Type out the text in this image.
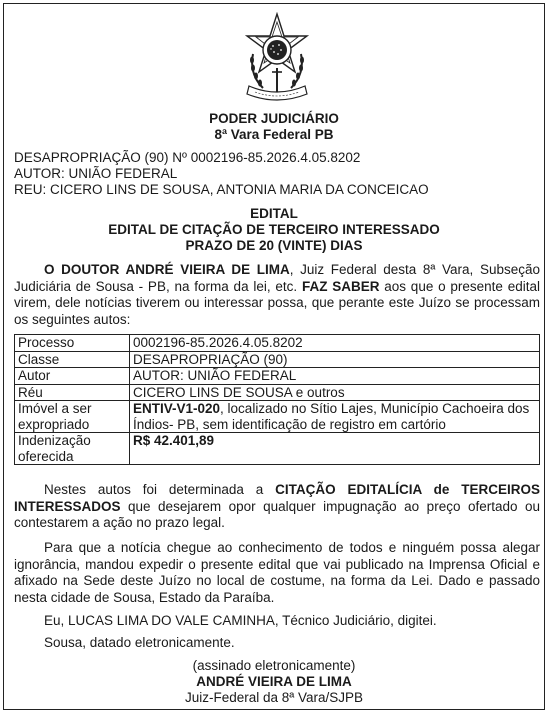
PODER JUDICIÁRIO
8ª Vara Federal PB
DESAPROPRIAÇÃO (90) Nº 0002196-85.2026.4.05.8202
AUTOR: UNIÃO FEDERAL
REU: CICERO LINS DE SOUSA, ANTONIA MARIA DA CONCEICAO
EDITAL
EDITAL DE CITAÇÃO DE TERCEIRO INTERESSADO
PRAZO DE 20 (VINTE) DIAS

O DOUTOR ANDRÉ VIEIRA DE LIMA, Juiz Federal desta 8ª Vara, Subseção Judiciária de Sousa - PB, na forma da lei, etc. FAZ SABER aos que o presente edital virem, dele notícias tiverem ou interessar possa, que perante este Juízo se processam os seguintes autos:

Processo	0002196-85.2026.4.05.8202
Classe	DESAPROPRIAÇÃO (90)
Autor	AUTOR: UNIÃO FEDERAL
Réu	CICERO LINS DE SOUSA e outros
Imóvel a ser expropriado	ENTIV-V1-020, localizado no Sítio Lajes, Município Cachoeira dos Índios- PB, sem identificação de registro em cartório
Indenização oferecida	R$ 42.401,89

Nestes autos foi determinada a CITAÇÃO EDITALÍCIA de TERCEIROS INTERESSADOS que desejarem opor qualquer impugnação ao preço ofertado ou contestarem a ação no prazo legal.

Para que a notícia chegue ao conhecimento de todos e ninguém possa alegar ignorância, mandou expedir o presente edital que vai publicado na Imprensa Oficial e afixado na Sede deste Juízo no local de costume, na forma da Lei. Dado e passado nesta cidade de Sousa, Estado da Paraíba.

Eu, LUCAS LIMA DO VALE CAMINHA, Técnico Judiciário, digitei.

Sousa, datado eletronicamente.

(assinado eletronicamente)
ANDRÉ VIEIRA DE LIMA
Juiz-Federal da 8ª Vara/SJPB
